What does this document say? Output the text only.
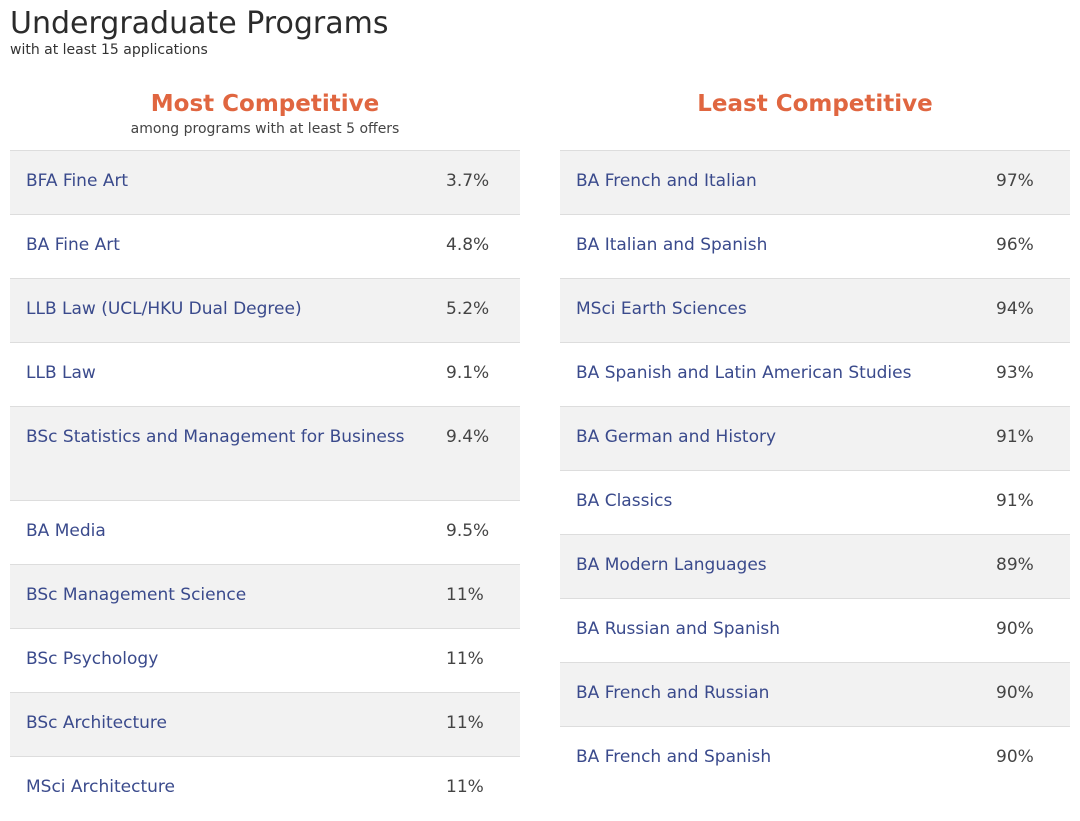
Undergraduate Programs

with at least 15 applications

Most Competitive

among programs with at least 5 offers

BFA Fine Art	3.7%
BA Fine Art	4.8%
LLB Law (UCL/HKU Dual Degree)	5.2%
LLB Law	9.1%
BSc Statistics and Management for Business	9.4%
BA Media	9.5%
BSc Management Science	11%
BSc Psychology	11%
BSc Architecture	11%
MSci Architecture	11%
Least Competitive
BA French and Italian	97%
BA Italian and Spanish	96%
MSci Earth Sciences	94%
BA Spanish and Latin American Studies	93%
BA German and History	91%
BA Classics	91%
BA Modern Languages	89%
BA Russian and Spanish	90%
BA French and Russian	90%
BA French and Spanish	90%
